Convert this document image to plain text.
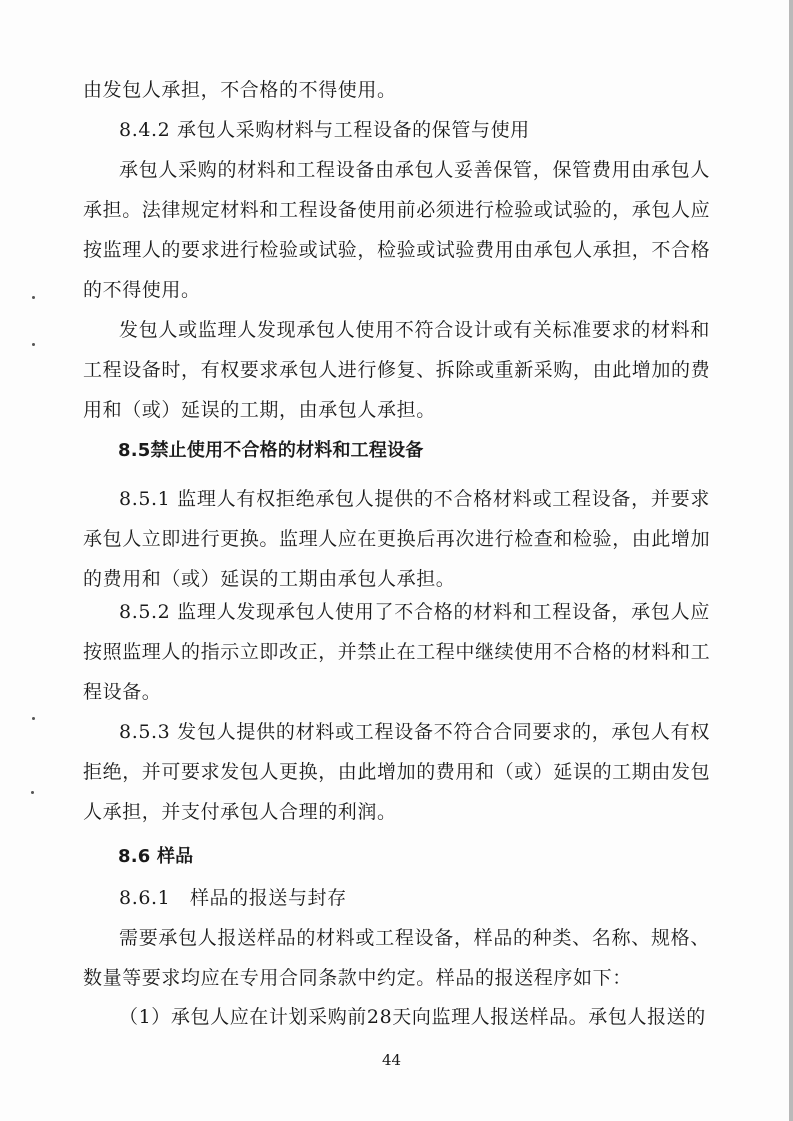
由发包人承担，不合格的不得使用。
8.4.2 承包人采购材料与工程设备的保管与使用
承包人采购的材料和工程设备由承包人妥善保管，保管费用由承包人
承担。法律规定材料和工程设备使用前必须进行检验或试验的，承包人应
按监理人的要求进行检验或试验，检验或试验费用由承包人承担，不合格
的不得使用。
发包人或监理人发现承包人使用不符合设计或有关标准要求的材料和
工程设备时，有权要求承包人进行修复、拆除或重新采购，由此增加的费
用和（或）延误的工期，由承包人承担。
8.5禁止使用不合格的材料和工程设备
8.5.1 监理人有权拒绝承包人提供的不合格材料或工程设备，并要求
承包人立即进行更换。监理人应在更换后再次进行检查和检验，由此增加
的费用和（或）延误的工期由承包人承担。
8.5.2 监理人发现承包人使用了不合格的材料和工程设备，承包人应
按照监理人的指示立即改正，并禁止在工程中继续使用不合格的材料和工
程设备。
8.5.3 发包人提供的材料或工程设备不符合合同要求的，承包人有权
拒绝，并可要求发包人更换，由此增加的费用和（或）延误的工期由发包
人承担，并支付承包人合理的利润。
8.6 样品
8.6.1　样品的报送与封存
需要承包人报送样品的材料或工程设备，样品的种类、名称、规格、
数量等要求均应在专用合同条款中约定。样品的报送程序如下：
（1）承包人应在计划采购前28天向监理人报送样品。承包人报送的
44
